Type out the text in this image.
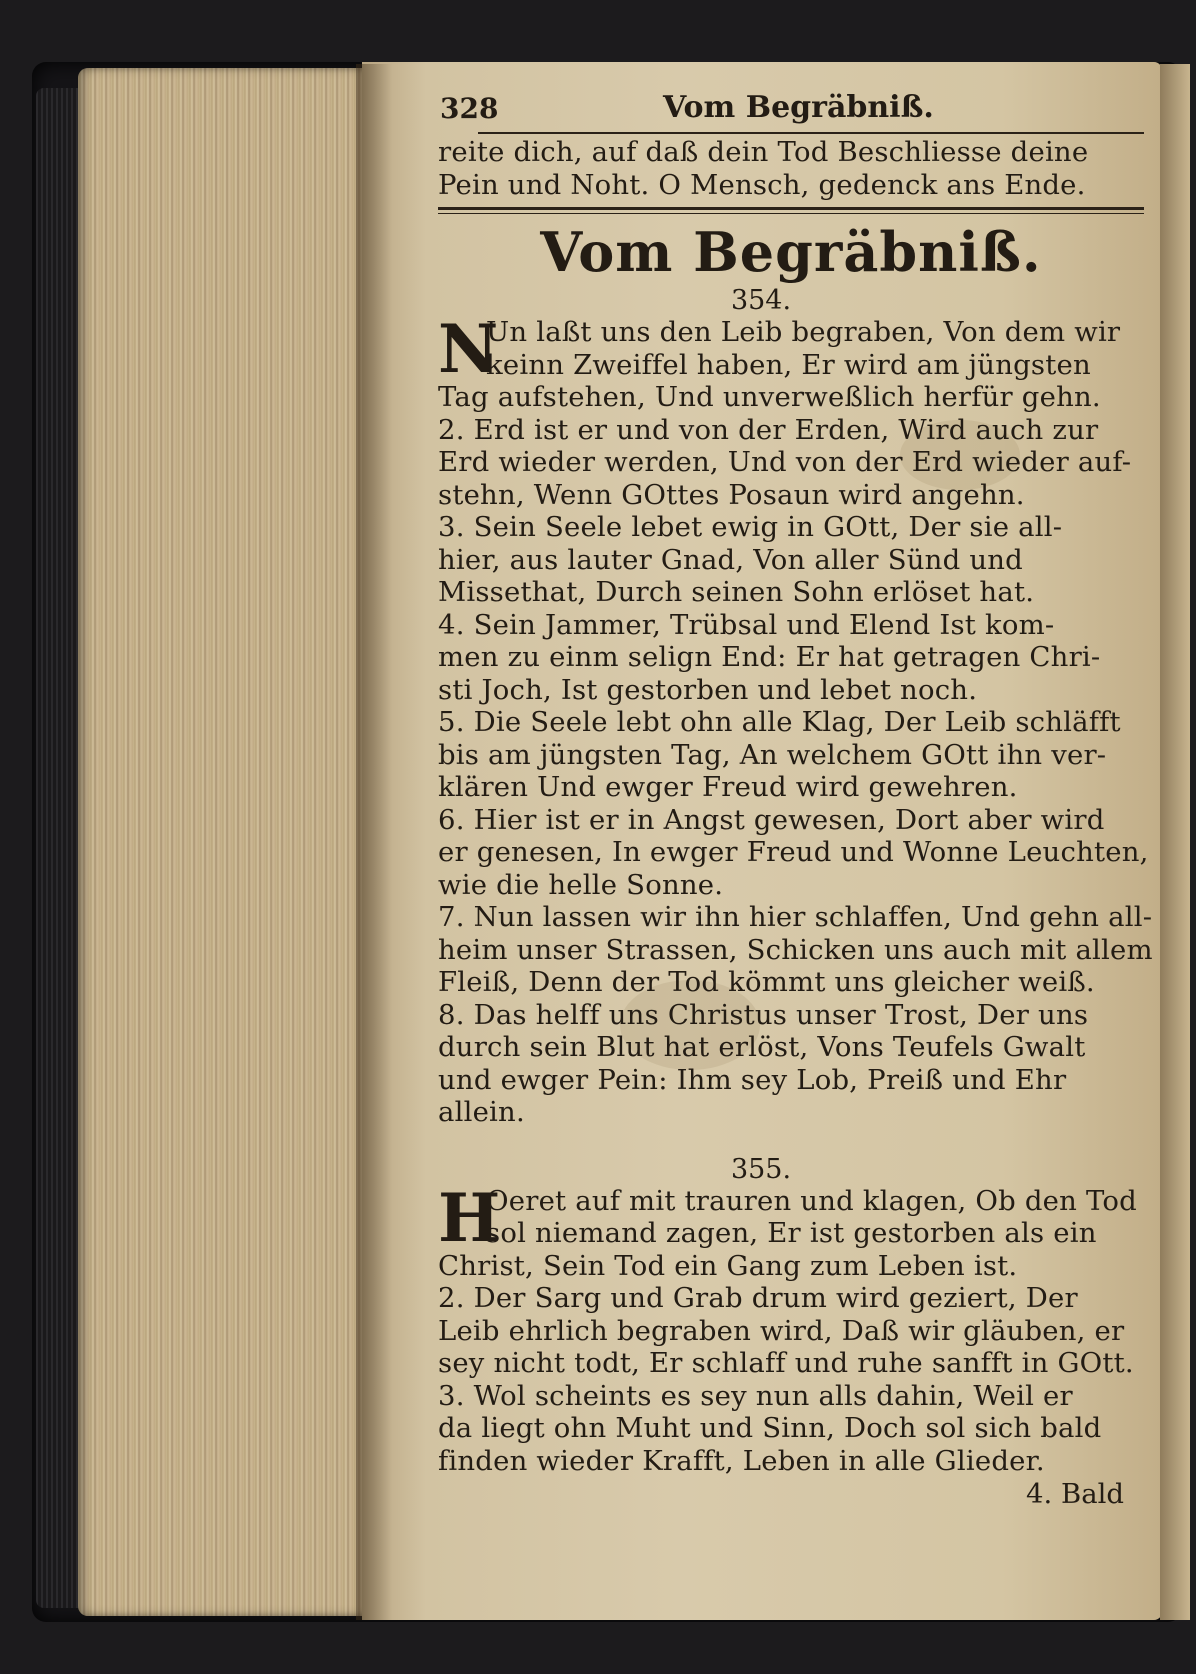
328	Vom Begräbniß.
reite dich, auf daß dein Tod Beschliesse deine
Pein und Noht. O Mensch, gedenck ans Ende.
Vom Begräbniß.
354.
N
Un laßt uns den Leib begraben, Von dem wir
keinn Zweiffel haben, Er wird am jüngsten
Tag aufstehen, Und unverweßlich herfür gehn.
2. Erd ist er und von der Erden, Wird auch zur
Erd wieder werden, Und von der Erd wieder auf-
stehn, Wenn GOttes Posaun wird angehn.
3. Sein Seele lebet ewig in GOtt, Der sie all-
hier, aus lauter Gnad, Von aller Sünd und
Missethat, Durch seinen Sohn erlöset hat.
4. Sein Jammer, Trübsal und Elend Ist kom-
men zu einm selign End: Er hat getragen Chri-
sti Joch, Ist gestorben und lebet noch.
5. Die Seele lebt ohn alle Klag, Der Leib schläfft
bis am jüngsten Tag, An welchem GOtt ihn ver-
klären Und ewger Freud wird gewehren.
6. Hier ist er in Angst gewesen, Dort aber wird
er genesen, In ewger Freud und Wonne Leuchten,
wie die helle Sonne.
7. Nun lassen wir ihn hier schlaffen, Und gehn all-
heim unser Strassen, Schicken uns auch mit allem
Fleiß, Denn der Tod kömmt uns gleicher weiß.
8. Das helff uns Christus unser Trost, Der uns
durch sein Blut hat erlöst, Vons Teufels Gwalt
und ewger Pein: Ihm sey Lob, Preiß und Ehr
allein.
355.
H
Oeret auf mit trauren und klagen, Ob den Tod
sol niemand zagen, Er ist gestorben als ein
Christ, Sein Tod ein Gang zum Leben ist.
2. Der Sarg und Grab drum wird geziert, Der
Leib ehrlich begraben wird, Daß wir gläuben, er
sey nicht todt, Er schlaff und ruhe sanfft in GOtt.
3. Wol scheints es sey nun alls dahin, Weil er
da liegt ohn Muht und Sinn, Doch sol sich bald
finden wieder Krafft, Leben in alle Glieder.
4. Bald
